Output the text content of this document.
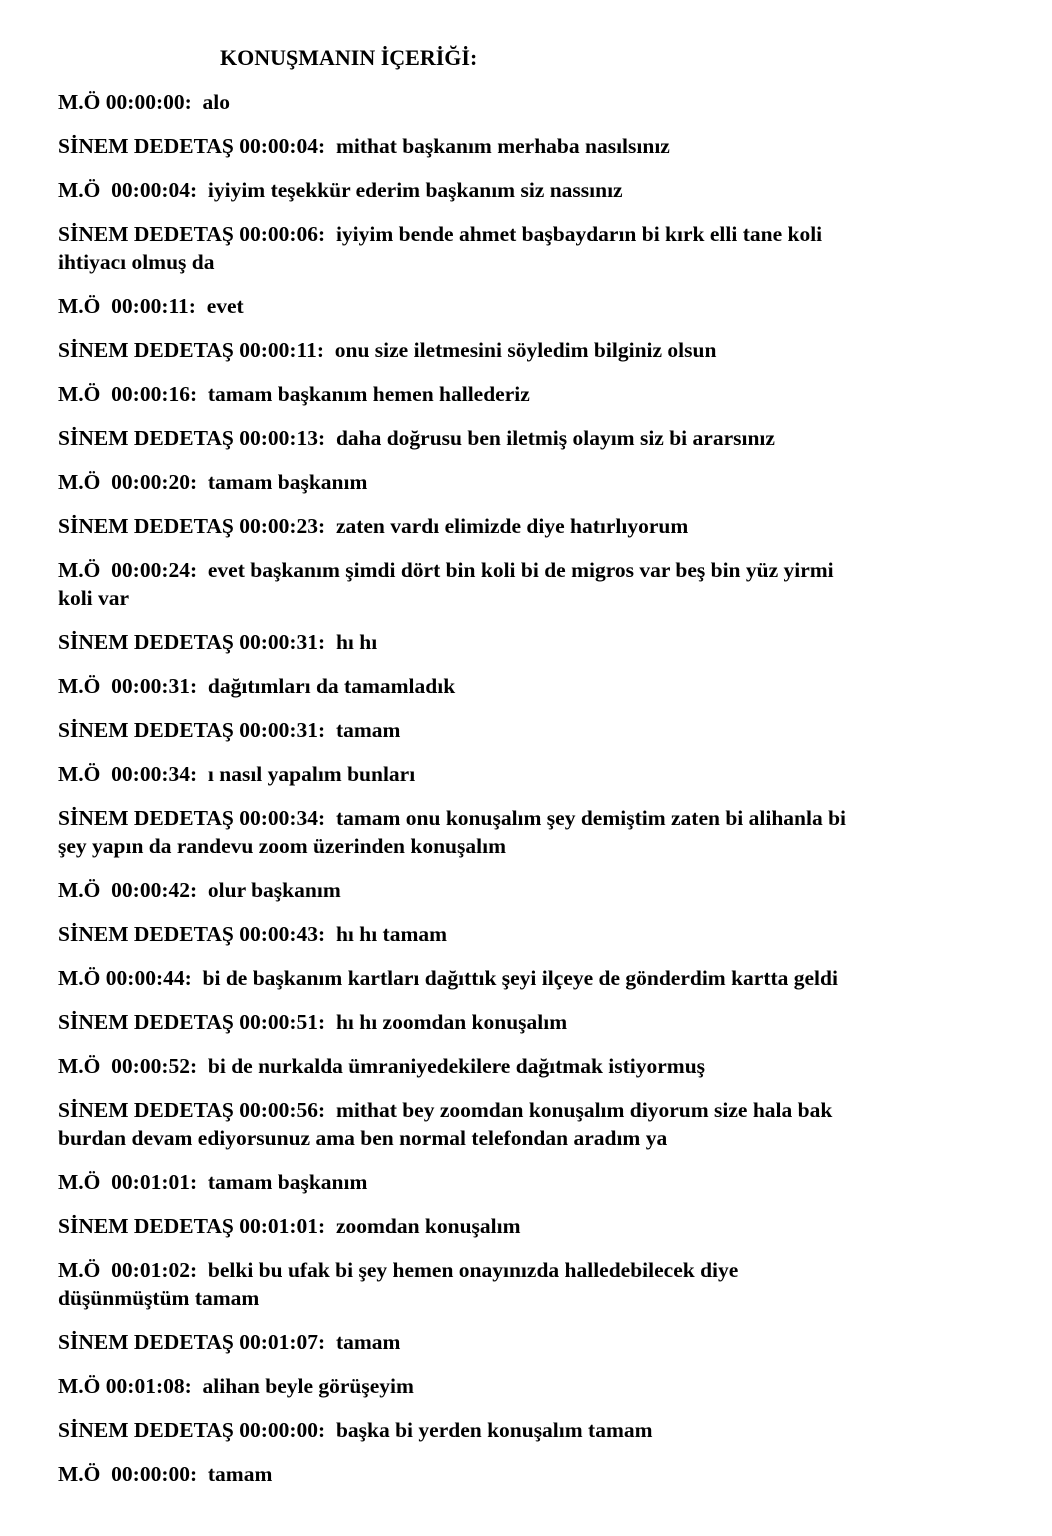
KONUŞMANIN İÇERİĞİ:
M.Ö 00:00:00: alo
SİNEM DEDETAŞ 00:00:04: mithat başkanım merhaba nasılsınız
M.Ö 00:00:04: iyiyim teşekkür ederim başkanım siz nassınız
SİNEM DEDETAŞ 00:00:06: iyiyim bende ahmet başbaydarın bi kırk elli tane koli
ihtiyacı olmuş da
M.Ö 00:00:11: evet
SİNEM DEDETAŞ 00:00:11: onu size iletmesini söyledim bilginiz olsun
M.Ö 00:00:16: tamam başkanım hemen hallederiz
SİNEM DEDETAŞ 00:00:13: daha doğrusu ben iletmiş olayım siz bi ararsınız
M.Ö 00:00:20: tamam başkanım
SİNEM DEDETAŞ 00:00:23: zaten vardı elimizde diye hatırlıyorum
M.Ö 00:00:24: evet başkanım şimdi dört bin koli bi de migros var beş bin yüz yirmi
koli var
SİNEM DEDETAŞ 00:00:31: hı hı
M.Ö 00:00:31: dağıtımları da tamamladık
SİNEM DEDETAŞ 00:00:31: tamam
M.Ö 00:00:34: ı nasıl yapalım bunları
SİNEM DEDETAŞ 00:00:34: tamam onu konuşalım şey demiştim zaten bi alihanla bi
şey yapın da randevu zoom üzerinden konuşalım
M.Ö 00:00:42: olur başkanım
SİNEM DEDETAŞ 00:00:43: hı hı tamam
M.Ö 00:00:44: bi de başkanım kartları dağıttık şeyi ilçeye de gönderdim kartta geldi
SİNEM DEDETAŞ 00:00:51: hı hı zoomdan konuşalım
M.Ö 00:00:52: bi de nurkalda ümraniyedekilere dağıtmak istiyormuş
SİNEM DEDETAŞ 00:00:56: mithat bey zoomdan konuşalım diyorum size hala bak
burdan devam ediyorsunuz ama ben normal telefondan aradım ya
M.Ö 00:01:01: tamam başkanım
SİNEM DEDETAŞ 00:01:01: zoomdan konuşalım
M.Ö 00:01:02: belki bu ufak bi şey hemen onayınızda halledebilecek diye
düşünmüştüm tamam
SİNEM DEDETAŞ 00:01:07: tamam
M.Ö 00:01:08: alihan beyle görüşeyim
SİNEM DEDETAŞ 00:00:00: başka bi yerden konuşalım tamam
M.Ö 00:00:00: tamam
